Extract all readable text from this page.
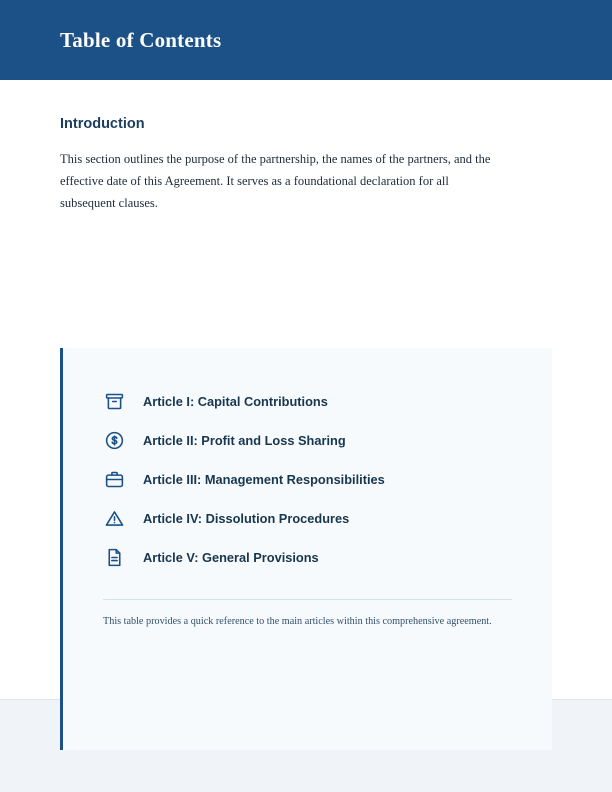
Table of Contents
Introduction

This section outlines the purpose of the partnership, the names of the partners, and the effective date of this Agreement. It serves as a foundational declaration for all subsequent clauses.

Article I: Capital Contributions
Article II: Profit and Loss Sharing
Article III: Management Responsibilities
Article IV: Dissolution Procedures
Article V: General Provisions
This table provides a quick reference to the main articles within this comprehensive agreement.
